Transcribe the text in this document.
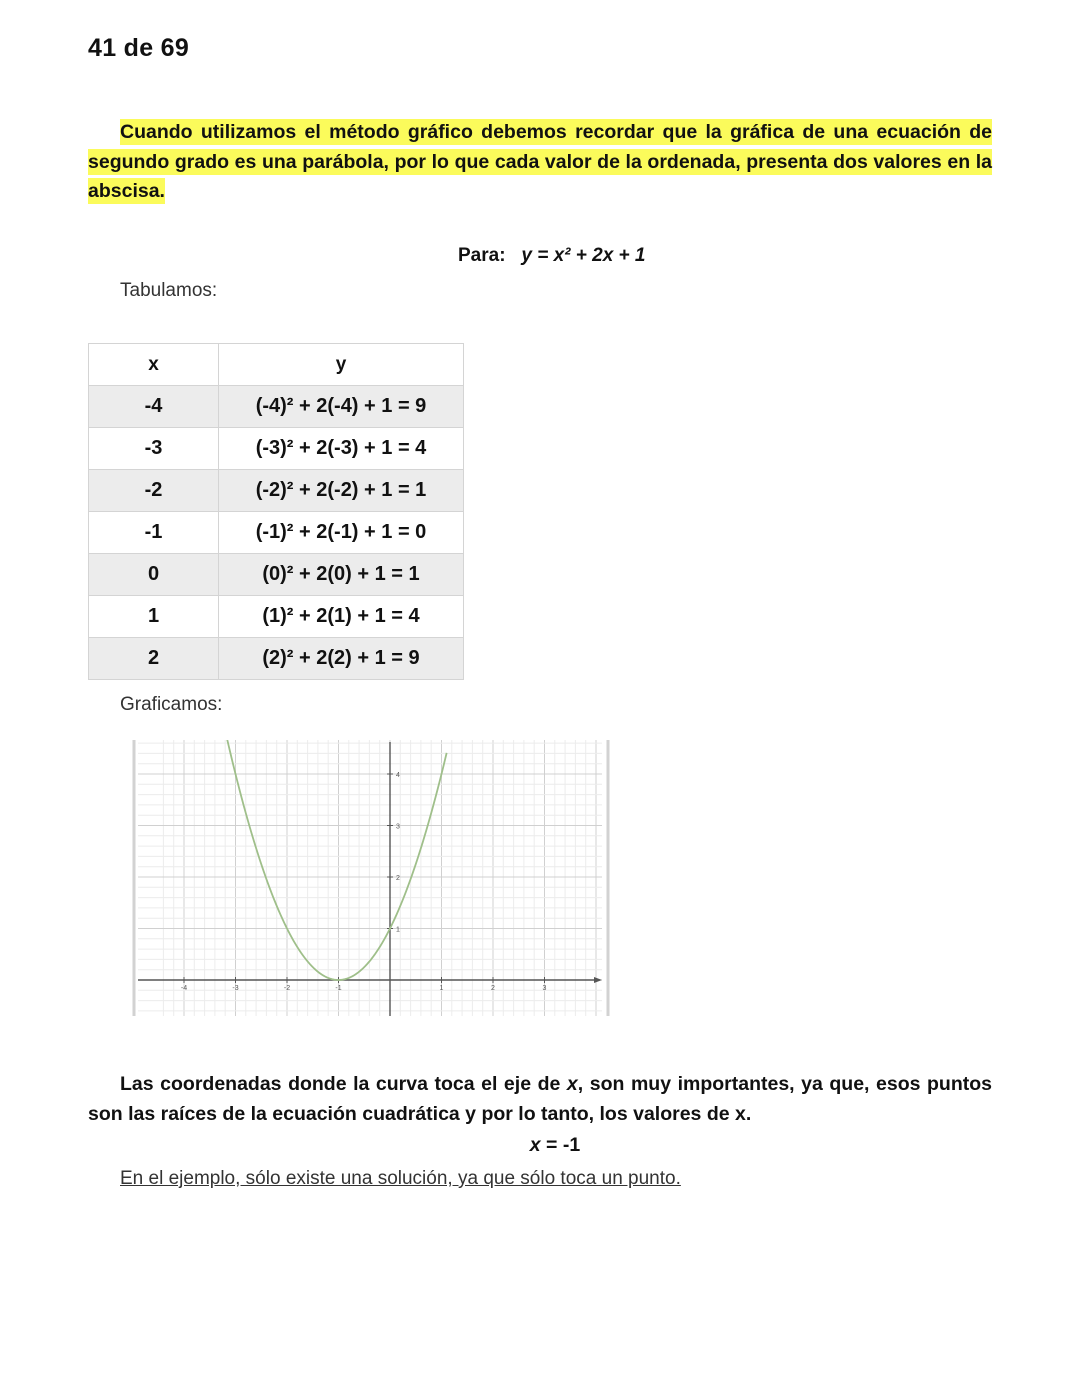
41 de 69

Cuando utilizamos el método gráfico debemos recordar que la gráfica de una ecuación de segundo grado es una parábola, por lo que cada valor de la ordenada, presenta dos valores en la abscisa.

Para: y = x² + 2x + 1
Tabulamos:
x	y
-4	(-4)² + 2(-4) + 1 = 9
-3	(-3)² + 2(-3) + 1 = 4
-2	(-2)² + 2(-2) + 1 = 1
-1	(-1)² + 2(-1) + 1 = 0
0	(0)² + 2(0) + 1 = 1
1	(1)² + 2(1) + 1 = 4
2	(2)² + 2(2) + 1 = 9
Graficamos:
-4	-3	-2	-1	1	2	3
1
2
3
4

Las coordenadas donde la curva toca el eje de x, son muy importantes, ya que, esos puntos son las raíces de la ecuación cuadrática y por lo tanto, los valores de x.

x = -1
En el ejemplo, sólo existe una solución, ya que sólo toca un punto.
